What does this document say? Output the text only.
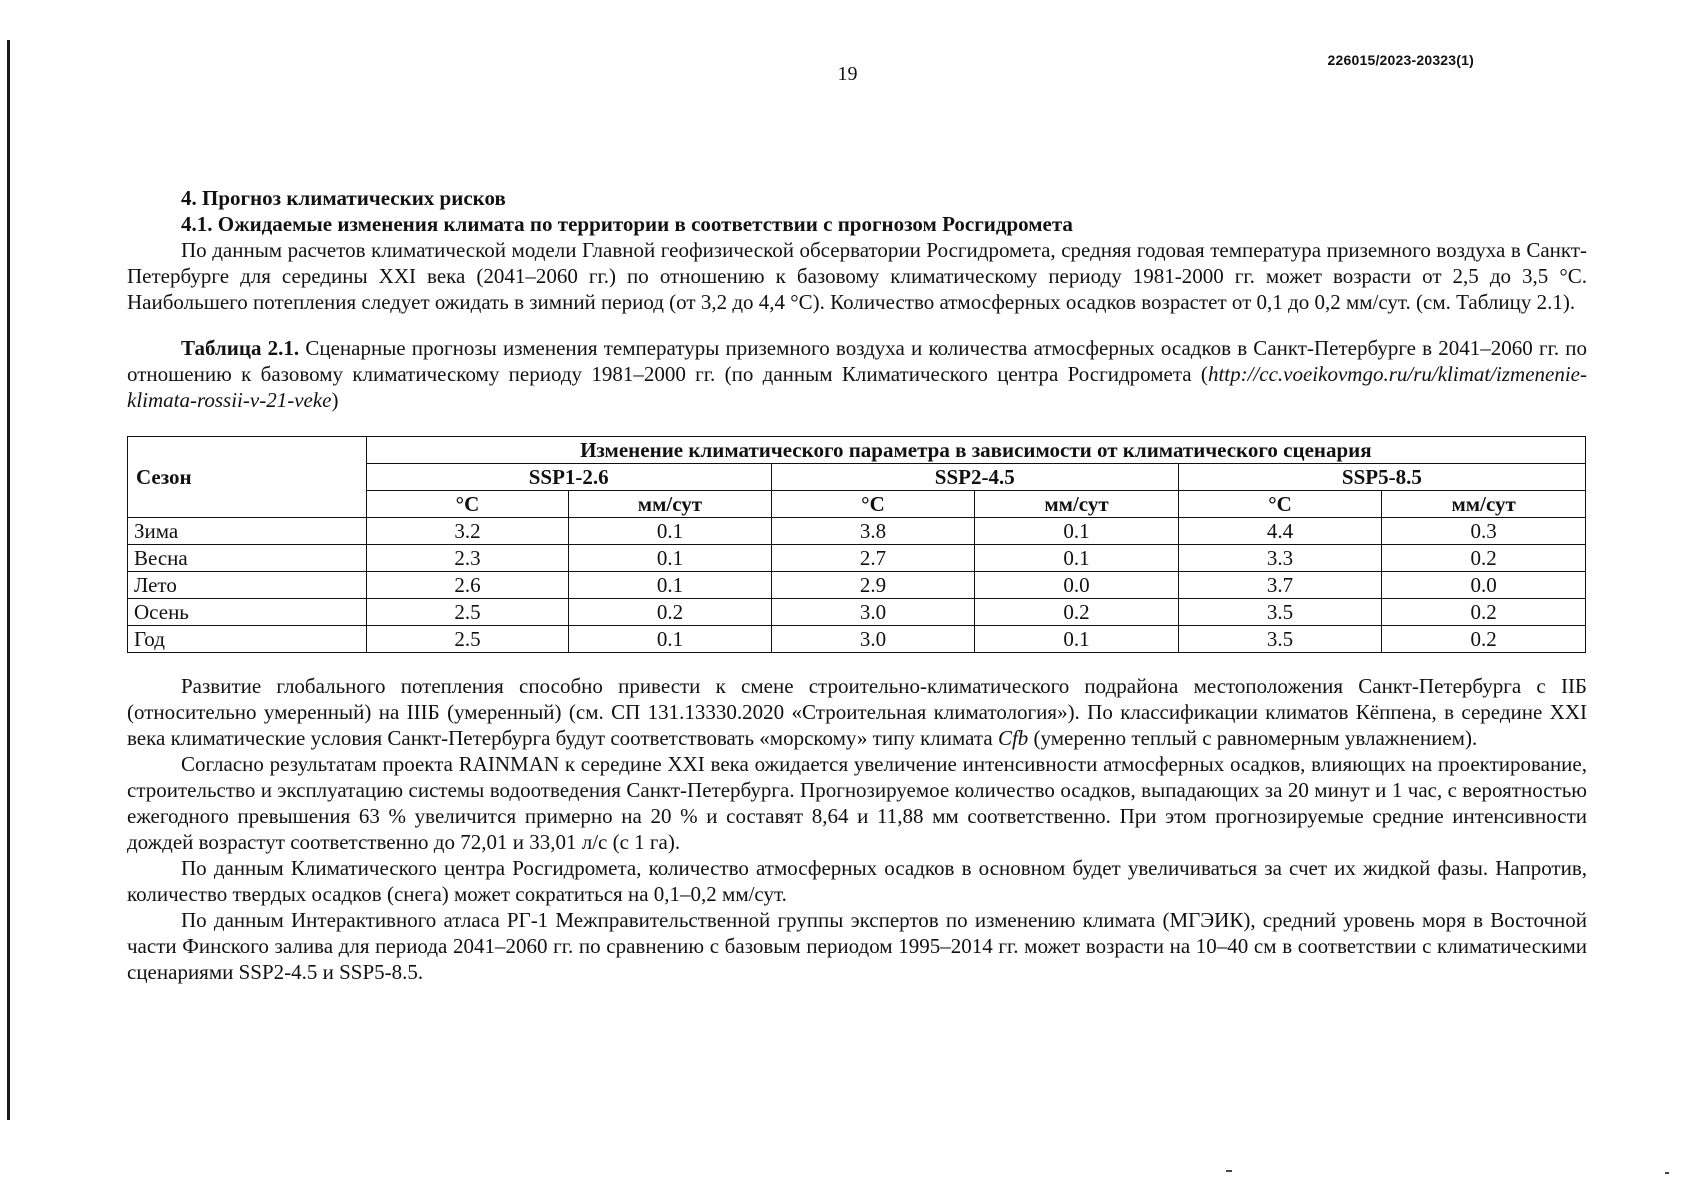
19
226015/2023-20323(1)
4. Прогноз климатических рисков
4.1. Ожидаемые изменения климата по территории в соответствии с прогнозом Росгидромета

По данным расчетов климатической модели Главной геофизической обсерватории Росгидромета, средняя годовая температура приземного воздуха в Санкт-Петербурге для середины XXI века (2041–2060 гг.) по отношению к базовому климатическому периоду 1981-2000 гг. может возрасти от 2,5 до 3,5 °С. Наибольшего потепления следует ожидать в зимний период (от 3,2 до 4,4 °С). Количество атмосферных осадков возрастет от 0,1 до 0,2 мм/сут. (см. Таблицу 2.1).

Таблица 2.1. Сценарные прогнозы изменения температуры приземного воздуха и количества атмосферных осадков в Санкт-Петербурге в 2041–2060 гг. по отношению к базовому климатическому периоду 1981–2000 гг. (по данным Климатического центра Росгидромета (http://cc.voeikovmgo.ru/ru/klimat/izmenenie-klimata-rossii-v-21-veke)
Сезон	Изменение климатического параметра в зависимости от климатического сценария					
	SSP1-2.6		SSP2-4.5		SSP5-8.5	
	°C	мм/сут	°C	мм/сут	°C	мм/сут
Зима	3.2	0.1	3.8	0.1	4.4	0.3
Весна	2.3	0.1	2.7	0.1	3.3	0.2
Лето	2.6	0.1	2.9	0.0	3.7	0.0
Осень	2.5	0.2	3.0	0.2	3.5	0.2
Год	2.5	0.1	3.0	0.1	3.5	0.2

Развитие глобального потепления способно привести к смене строительно-климатического подрайона местоположения Санкт-Петербурга с IIБ (относительно умеренный) на IIIБ (умеренный) (см. СП 131.13330.2020 «Строительная климатология»). По классификации климатов Кёппена, в середине XXI века климатические условия Санкт-Петербурга будут соответствовать «морскому» типу климата Cfb (умеренно теплый с равномерным увлажнением).

Согласно результатам проекта RAINMAN к середине XXI века ожидается увеличение интенсивности атмосферных осадков, влияющих на проектирование, строительство и эксплуатацию системы водоотведения Санкт-Петербурга. Прогнозируемое количество осадков, выпадающих за 20 минут и 1 час, с вероятностью ежегодного превышения 63 % увеличится примерно на 20 % и составят 8,64 и 11,88 мм соответственно. При этом прогнозируемые средние интенсивности дождей возрастут соответственно до 72,01 и 33,01 л/с (с 1 га).

По данным Климатического центра Росгидромета, количество атмосферных осадков в основном будет увеличиваться за счет их жидкой фазы. Напротив, количество твердых осадков (снега) может сократиться на 0,1–0,2 мм/сут.

По данным Интерактивного атласа РГ-1 Межправительственной группы экспертов по изменению климата (МГЭИК), средний уровень моря в Восточной части Финского залива для периода 2041–2060 гг. по сравнению с базовым периодом 1995–2014 гг. может возрасти на 10–40 см в соответствии с климатическими сценариями SSP2-4.5 и SSP5-8.5.
